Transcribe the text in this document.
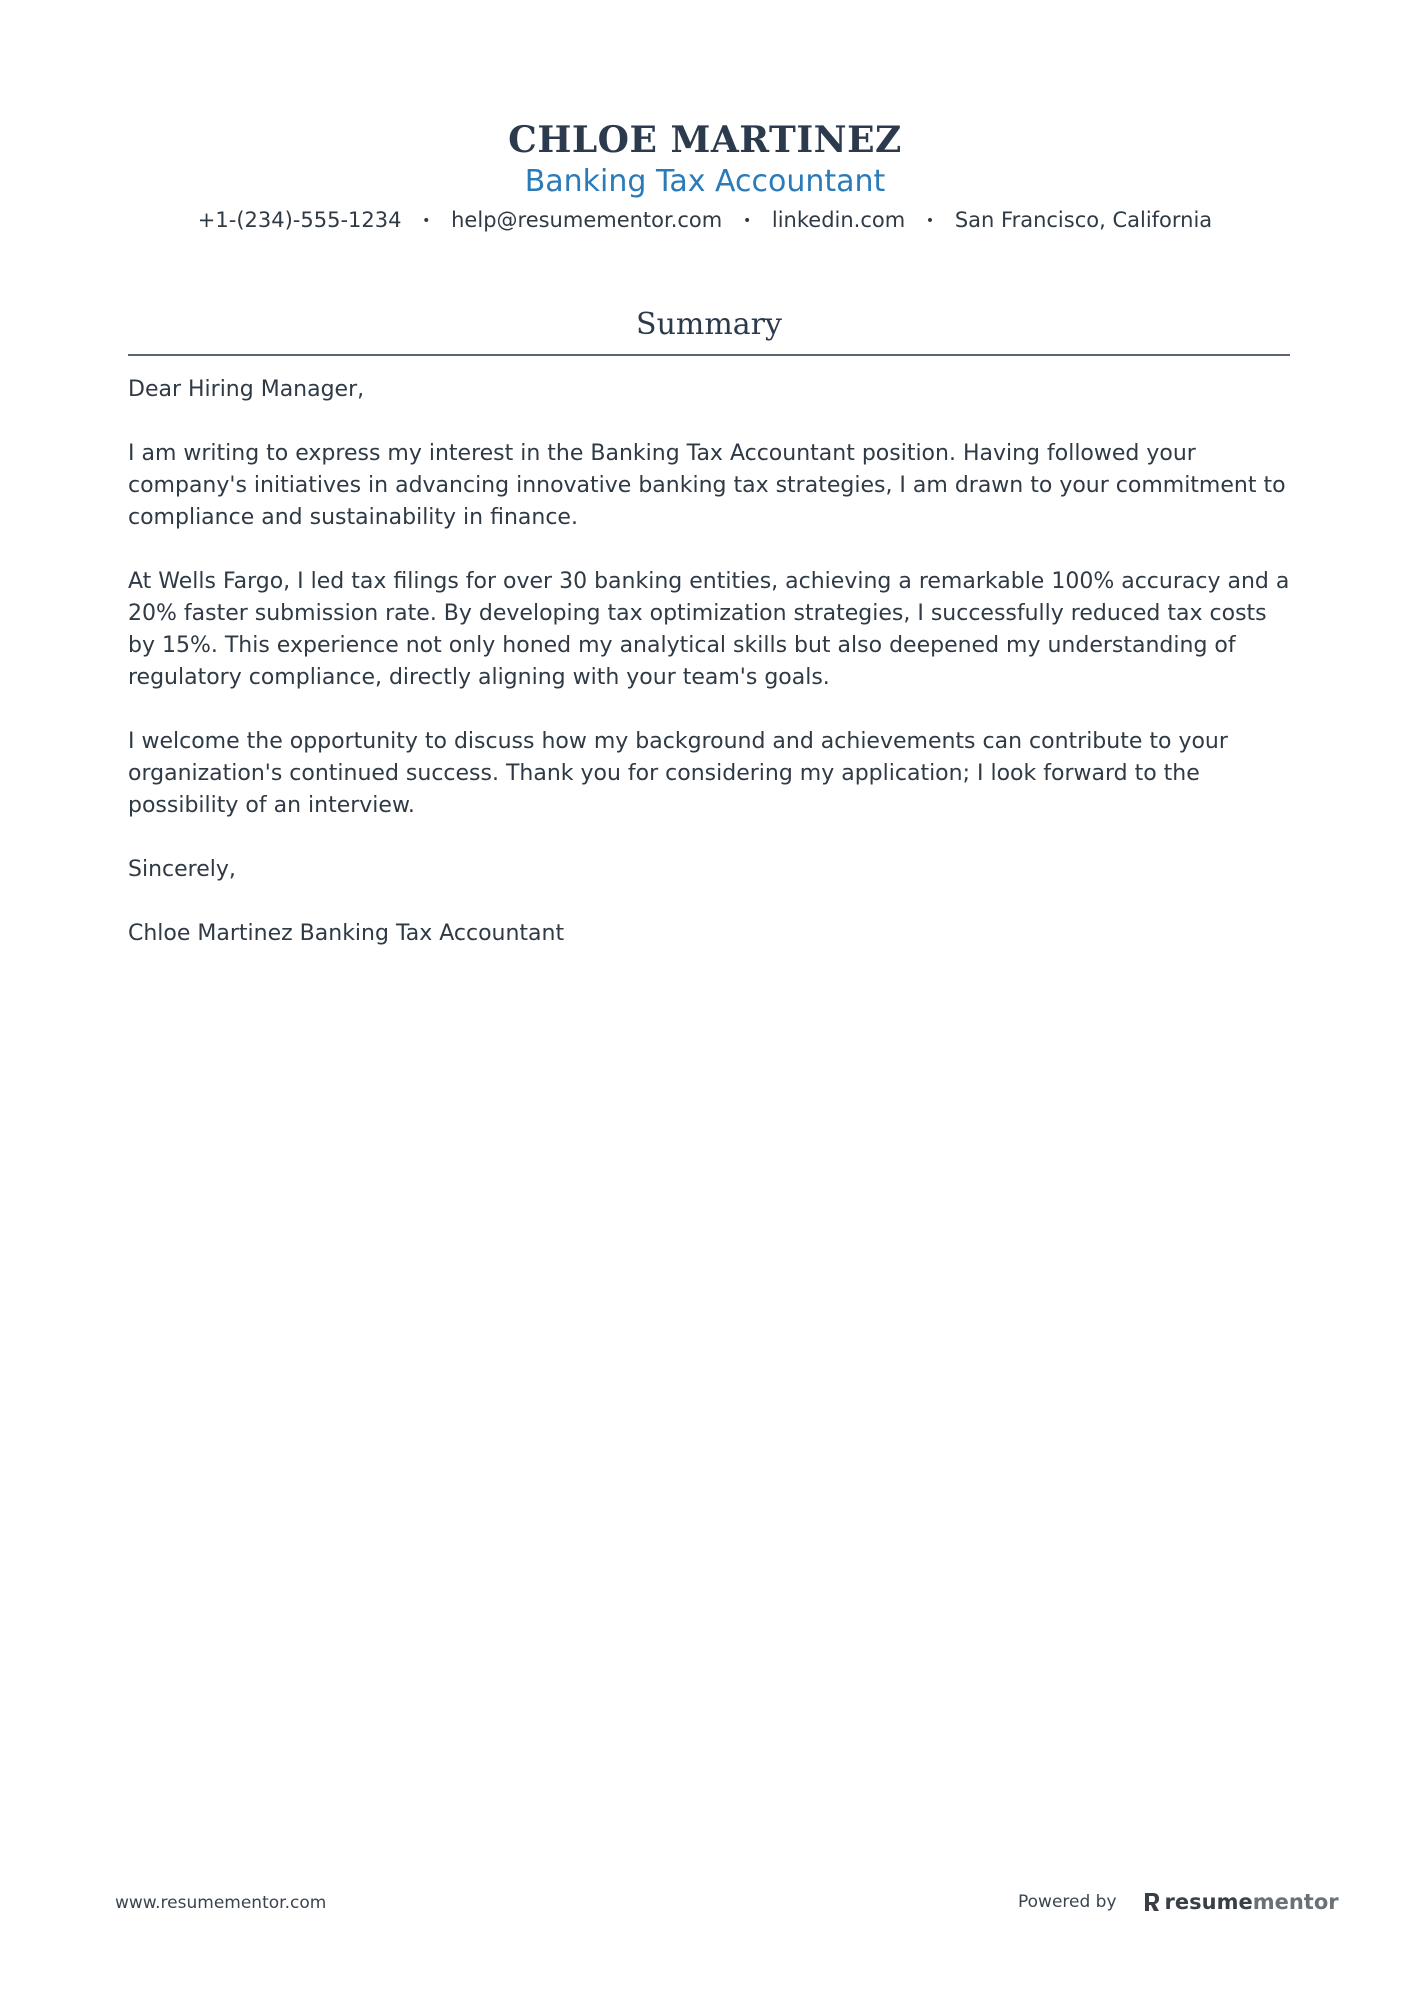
CHLOE MARTINEZ
Banking Tax Accountant
+1-(234)-555-1234 • help@resumementor.com • linkedin.com • San Francisco, California
Summary

Dear Hiring Manager,

I am writing to express my interest in the Banking Tax Accountant position. Having followed your company's initiatives in advancing innovative banking tax strategies, I am drawn to your commitment to compliance and sustainability in finance.

At Wells Fargo, I led tax filings for over 30 banking entities, achieving a remarkable 100% accuracy and a 20% faster submission rate. By developing tax optimization strategies, I successfully reduced tax costs by 15%. This experience not only honed my analytical skills but also deepened my understanding of regulatory compliance, directly aligning with your team's goals.

I welcome the opportunity to discuss how my background and achievements can contribute to your organization's continued success. Thank you for considering my application; I look forward to the possibility of an interview.

Sincerely,

Chloe Martinez Banking Tax Accountant

www.resumementor.com	Powered by resume mentor
